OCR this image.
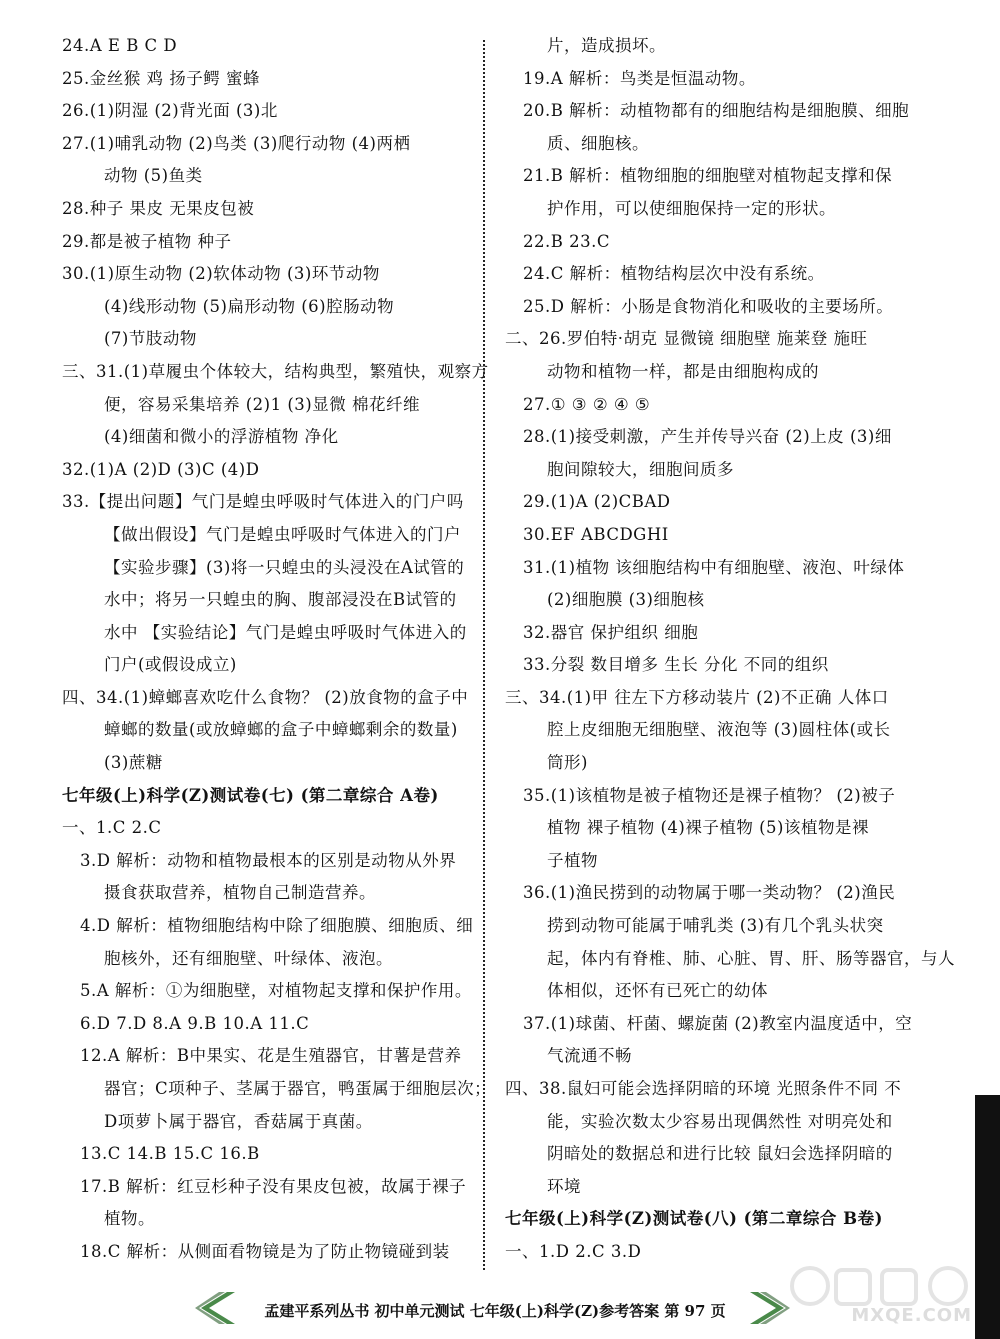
24.A E B C D
25.金丝猴 鸡 扬子鳄 蜜蜂
26.(1)阴湿 (2)背光面 (3)北
27.(1)哺乳动物 (2)鸟类 (3)爬行动物 (4)两栖
动物 (5)鱼类
28.种子 果皮 无果皮包被
29.都是被子植物 种子
30.(1)原生动物 (2)软体动物 (3)环节动物
(4)线形动物 (5)扁形动物 (6)腔肠动物
(7)节肢动物
三、31.(1)草履虫个体较大，结构典型，繁殖快，观察方
便，容易采集培养 (2)1 (3)显微 棉花纤维
(4)细菌和微小的浮游植物 净化
32.(1)A (2)D (3)C (4)D
33.【提出问题】气门是蝗虫呼吸时气体进入的门户吗
【做出假设】气门是蝗虫呼吸时气体进入的门户
【实验步骤】(3)将一只蝗虫的头浸没在A试管的
水中；将另一只蝗虫的胸、腹部浸没在B试管的
水中 【实验结论】气门是蝗虫呼吸时气体进入的
门户(或假设成立)
四、34.(1)蟑螂喜欢吃什么食物？ (2)放食物的盒子中
蟑螂的数量(或放蟑螂的盒子中蟑螂剩余的数量)
(3)蔗糖
七年级(上)科学(Z)测试卷(七) (第二章综合 A卷)
一、1.C 2.C
3.D 解析：动物和植物最根本的区别是动物从外界
摄食获取营养，植物自己制造营养。
4.D 解析：植物细胞结构中除了细胞膜、细胞质、细
胞核外，还有细胞壁、叶绿体、液泡。
5.A 解析：①为细胞壁，对植物起支撑和保护作用。
6.D 7.D 8.A 9.B 10.A 11.C
12.A 解析：B中果实、花是生殖器官，甘薯是营养
器官；C项种子、茎属于器官，鸭蛋属于细胞层次；
D项萝卜属于器官，香菇属于真菌。
13.C 14.B 15.C 16.B
17.B 解析：红豆杉种子没有果皮包被，故属于裸子
植物。
18.C 解析：从侧面看物镜是为了防止物镜碰到装
片，造成损坏。
19.A 解析：鸟类是恒温动物。
20.B 解析：动植物都有的细胞结构是细胞膜、细胞
质、细胞核。
21.B 解析：植物细胞的细胞壁对植物起支撑和保
护作用，可以使细胞保持一定的形状。
22.B 23.C
24.C 解析：植物结构层次中没有系统。
25.D 解析：小肠是食物消化和吸收的主要场所。
二、26.罗伯特·胡克 显微镜 细胞壁 施莱登 施旺
动物和植物一样，都是由细胞构成的
27.① ③ ② ④ ⑤
28.(1)接受刺激，产生并传导兴奋 (2)上皮 (3)细
胞间隙较大，细胞间质多
29.(1)A (2)CBAD
30.EF ABCDGHI
31.(1)植物 该细胞结构中有细胞壁、液泡、叶绿体
(2)细胞膜 (3)细胞核
32.器官 保护组织 细胞
33.分裂 数目增多 生长 分化 不同的组织
三、34.(1)甲 往左下方移动装片 (2)不正确 人体口
腔上皮细胞无细胞壁、液泡等 (3)圆柱体(或长
筒形)
35.(1)该植物是被子植物还是裸子植物？ (2)被子
植物 裸子植物 (4)裸子植物 (5)该植物是裸
子植物
36.(1)渔民捞到的动物属于哪一类动物？ (2)渔民
捞到动物可能属于哺乳类 (3)有几个乳头状突
起，体内有脊椎、肺、心脏、胃、肝、肠等器官，与人
体相似，还怀有已死亡的幼体
37.(1)球菌、杆菌、螺旋菌 (2)教室内温度适中，空
气流通不畅
四、38.鼠妇可能会选择阴暗的环境 光照条件不同 不
能，实验次数太少容易出现偶然性 对明亮处和
阴暗处的数据总和进行比较 鼠妇会选择阴暗的
环境
七年级(上)科学(Z)测试卷(八) (第二章综合 B卷)
一、1.D 2.C 3.D
孟建平系列丛书 初中单元测试 七年级(上)科学(Z)参考答案 第 97 页	MXQE.COM
